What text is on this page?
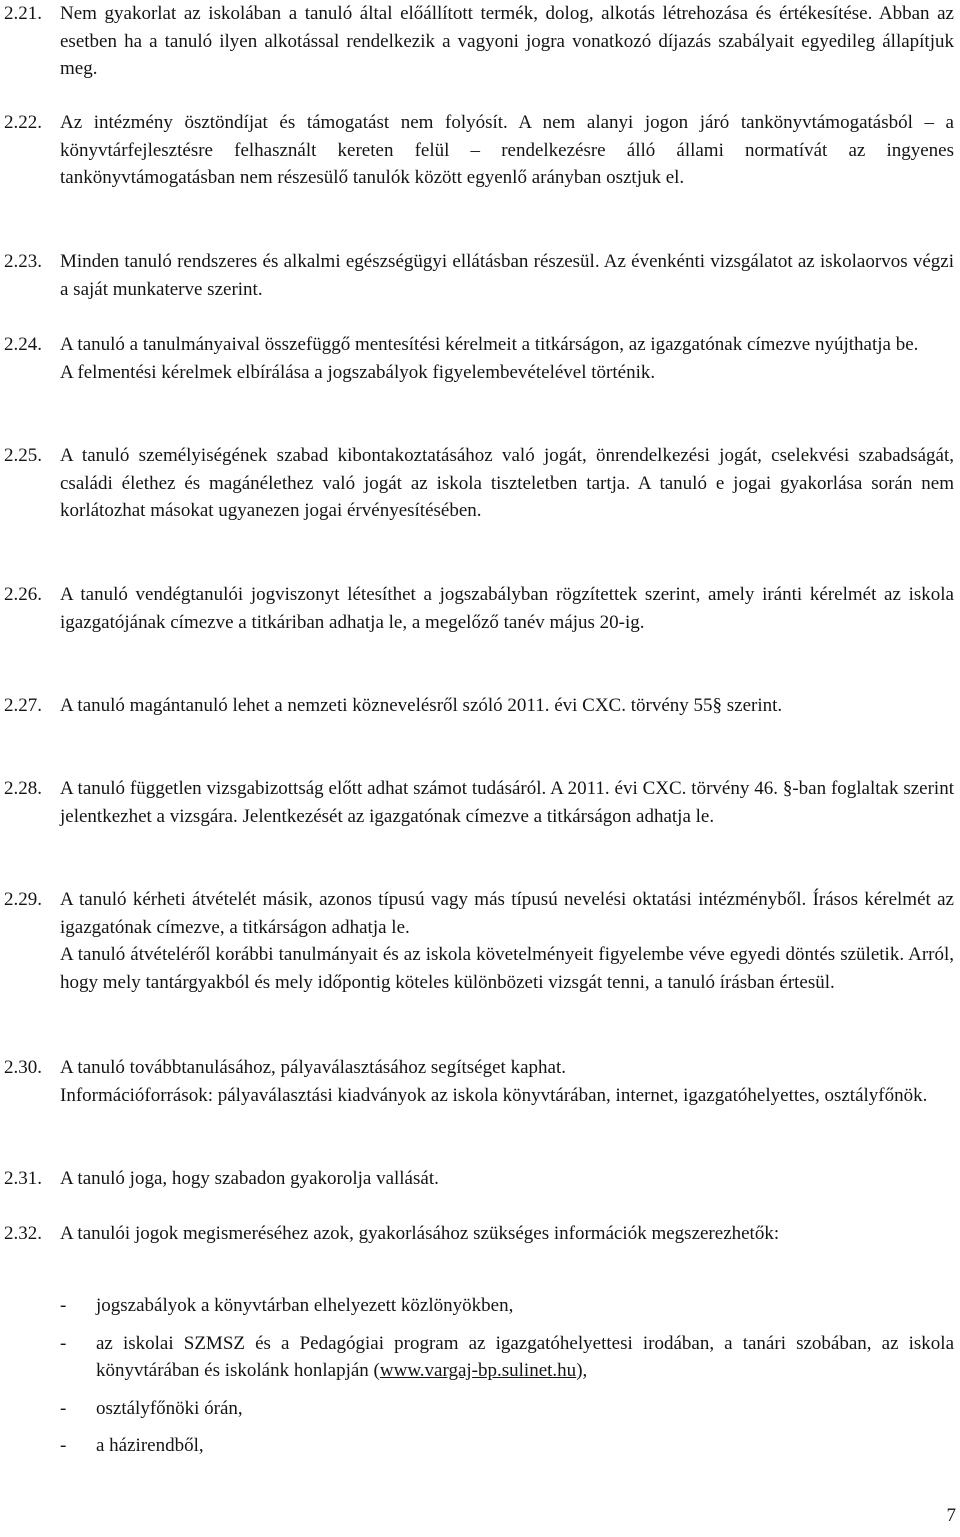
2.21. Nem gyakorlat az iskolában a tanuló által előállított termék, dolog, alkotás létrehozása és értékesítése. Abban az esetben ha a tanuló ilyen alkotással rendelkezik a vagyoni jogra vonatkozó díjazás szabályait egyedileg állapítjuk meg.

2.22. Az intézmény ösztöndíjat és támogatást nem folyósít. A nem alanyi jogon járó tankönyvtámogatásból – a könyvtárfejlesztésre felhasznált kereten felül – rendelkezésre álló állami normatívát az ingyenes tankönyvtámogatásban nem részesülő tanulók között egyenlő arányban osztjuk el.

2.23. Minden tanuló rendszeres és alkalmi egészségügyi ellátásban részesül. Az évenkénti vizsgálatot az iskolaorvos végzi a saját munkaterve szerint.

2.24. A tanuló a tanulmányaival összefüggő mentesítési kérelmeit a titkárságon, az igazgatónak címezve nyújthatja be.

A felmentési kérelmek elbírálása a jogszabályok figyelembevételével történik.

2.25. A tanuló személyiségének szabad kibontakoztatásához való jogát, önrendelkezési jogát, cselekvési szabadságát, családi élethez és magánélethez való jogát az iskola tiszteletben tartja. A tanuló e jogai gyakorlása során nem korlátozhat másokat ugyanezen jogai érvényesítésében.

2.26. A tanuló vendégtanulói jogviszonyt létesíthet a jogszabályban rögzítettek szerint, amely iránti kérelmét az iskola igazgatójának címezve a titkáriban adhatja le, a megelőző tanév május 20-ig.

2.27. A tanuló magántanuló lehet a nemzeti köznevelésről szóló 2011. évi CXC. törvény 55§ szerint.

2.28. A tanuló független vizsgabizottság előtt adhat számot tudásáról. A 2011. évi CXC. törvény 46. §-ban foglaltak szerint jelentkezhet a vizsgára. Jelentkezését az igazgatónak címezve a titkárságon adhatja le.

2.29. A tanuló kérheti átvételét másik, azonos típusú vagy más típusú nevelési oktatási intézményből. Írásos kérelmét az igazgatónak címezve, a titkárságon adhatja le.

A tanuló átvételéről korábbi tanulmányait és az iskola követelményeit figyelembe véve egyedi döntés születik. Arról, hogy mely tantárgyakból és mely időpontig köteles különbözeti vizsgát tenni, a tanuló írásban értesül.

2.30. A tanuló továbbtanulásához, pályaválasztásához segítséget kaphat.

Információforrások: pályaválasztási kiadványok az iskola könyvtárában, internet, igazgatóhelyettes, osztályfőnök.

2.31. A tanuló joga, hogy szabadon gyakorolja vallását.

2.32. A tanulói jogok megismeréséhez azok, gyakorlásához szükséges információk megszerezhetők:

- jogszabályok a könyvtárban elhelyezett közlönyökben,
- az iskolai SZMSZ és a Pedagógiai program az igazgatóhelyettesi irodában, a tanári szobában, az iskola könyvtárában és iskolánk honlapján (www.vargaj-bp.sulinet.hu),
- osztályfőnöki órán,
- a házirendből,
7
